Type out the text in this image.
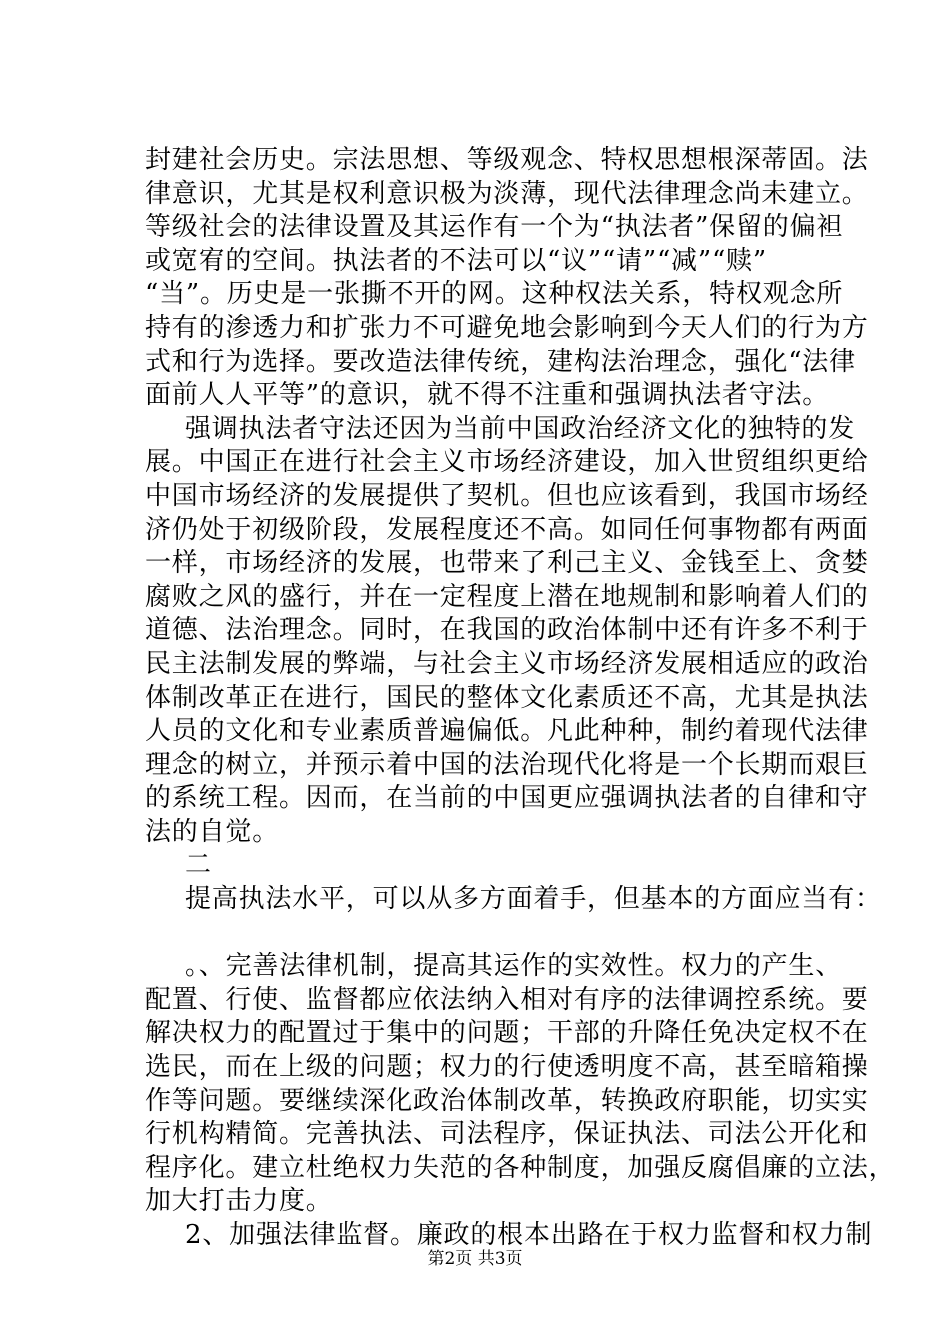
封建社会历史。宗法思想、等级观念、特权思想根深蒂固。法
律意识，尤其是权利意识极为淡薄，现代法律理念尚未建立。
等级社会的法律设置及其运作有一个为“执法者”保留的偏袒
或宽宥的空间。执法者的不法可以“议”“请”“减”“赎”
“当”。历史是一张撕不开的网。这种权法关系，特权观念所
持有的渗透力和扩张力不可避免地会影响到今天人们的行为方
式和行为选择。要改造法律传统，建构法治理念，强化“法律
面前人人平等”的意识，就不得不注重和强调执法者守法。
强调执法者守法还因为当前中国政治经济文化的独特的发
展。中国正在进行社会主义市场经济建设，加入世贸组织更给
中国市场经济的发展提供了契机。但也应该看到，我国市场经
济仍处于初级阶段，发展程度还不高。如同任何事物都有两面
一样，市场经济的发展，也带来了利己主义、金钱至上、贪婪
腐败之风的盛行，并在一定程度上潜在地规制和影响着人们的
道德、法治理念。同时，在我国的政治体制中还有许多不利于
民主法制发展的弊端，与社会主义市场经济发展相适应的政治
体制改革正在进行，国民的整体文化素质还不高，尤其是执法
人员的文化和专业素质普遍偏低。凡此种种，制约着现代法律
理念的树立，并预示着中国的法治现代化将是一个长期而艰巨
的系统工程。因而，在当前的中国更应强调执法者的自律和守
法的自觉。
二
提高执法水平，可以从多方面着手，但基本的方面应当有：
。、完善法律机制，提高其运作的实效性。权力的产生、
配置、行使、监督都应依法纳入相对有序的法律调控系统。要
解决权力的配置过于集中的问题；干部的升降任免决定权不在
选民，而在上级的问题；权力的行使透明度不高，甚至暗箱操
作等问题。要继续深化政治体制改革，转换政府职能，切实实
行机构精简。完善执法、司法程序，保证执法、司法公开化和
程序化。建立杜绝权力失范的各种制度，加强反腐倡廉的立法，
加大打击力度。
2、加强法律监督。廉政的根本出路在于权力监督和权力制
第2页 共3页
